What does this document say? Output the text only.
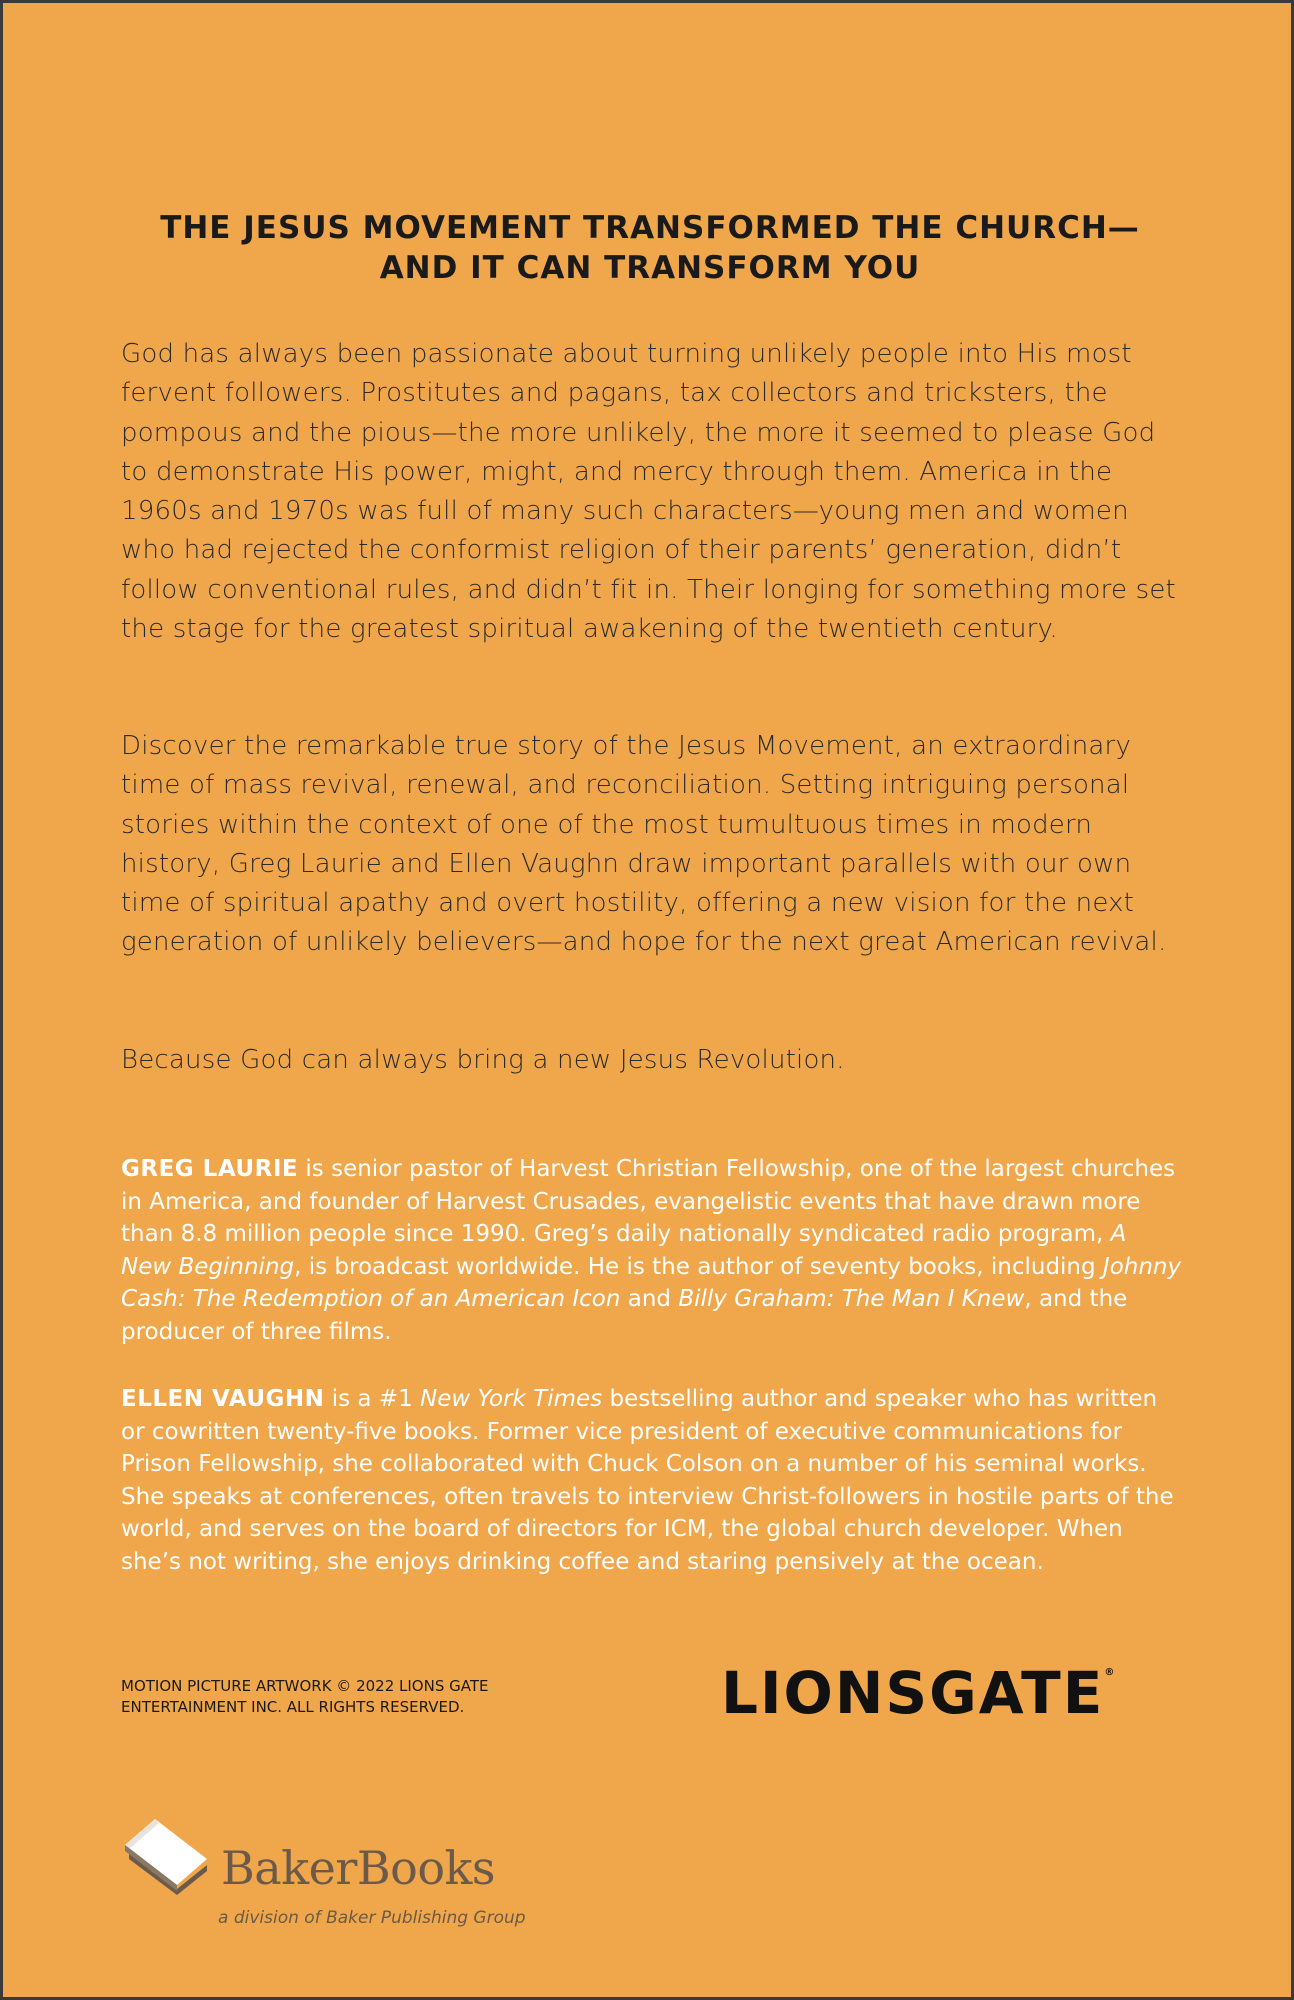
THE JESUS MOVEMENT TRANSFORMED THE CHURCH—
AND IT CAN TRANSFORM YOU

God has always been passionate about turning unlikely people into His most fervent followers. Prostitutes and pagans, tax collectors and tricksters, the pompous and the pious—the more unlikely, the more it seemed to please God to demonstrate His power, might, and mercy through them. America in the 1960s and 1970s was full of many such characters—young men and women who had rejected the conformist religion of their parents’ generation, didn’t follow conventional rules, and didn’t fit in. Their longing for something more set the stage for the greatest spiritual awakening of the twentieth century.

Discover the remarkable true story of the Jesus Movement, an extraordinary time of mass revival, renewal, and reconciliation. Setting intriguing personal stories within the context of one of the most tumultuous times in modern history, Greg Laurie and Ellen Vaughn draw important parallels with our own time of spiritual apathy and overt hostility, offering a new vision for the next generation of unlikely believers—and hope for the next great American revival.

Because God can always bring a new Jesus Revolution.

GREG LAURIE is senior pastor of Harvest Christian Fellowship, one of the largest churches in America, and founder of Harvest Crusades, evangelistic events that have drawn more than 8.8 million people since 1990. Greg’s daily nationally syndicated radio program, A New Beginning, is broadcast worldwide. He is the author of seventy books, including Johnny Cash: The Redemption of an American Icon and Billy Graham: The Man I Knew, and the producer of three films.

ELLEN VAUGHN is a #1 New York Times bestselling author and speaker who has written or cowritten twenty-five books. Former vice president of executive communications for Prison Fellowship, she collaborated with Chuck Colson on a number of his seminal works. She speaks at conferences, often travels to interview Christ-followers in hostile parts of the world, and serves on the board of directors for ICM, the global church developer. When she’s not writing, she enjoys drinking coffee and staring pensively at the ocean.

MOTION PICTURE ARTWORK © 2022 LIONS GATE
ENTERTAINMENT INC. ALL RIGHTS RESERVED.	LIONSGATE®
BakerBooks
a division of Baker Publishing Group
